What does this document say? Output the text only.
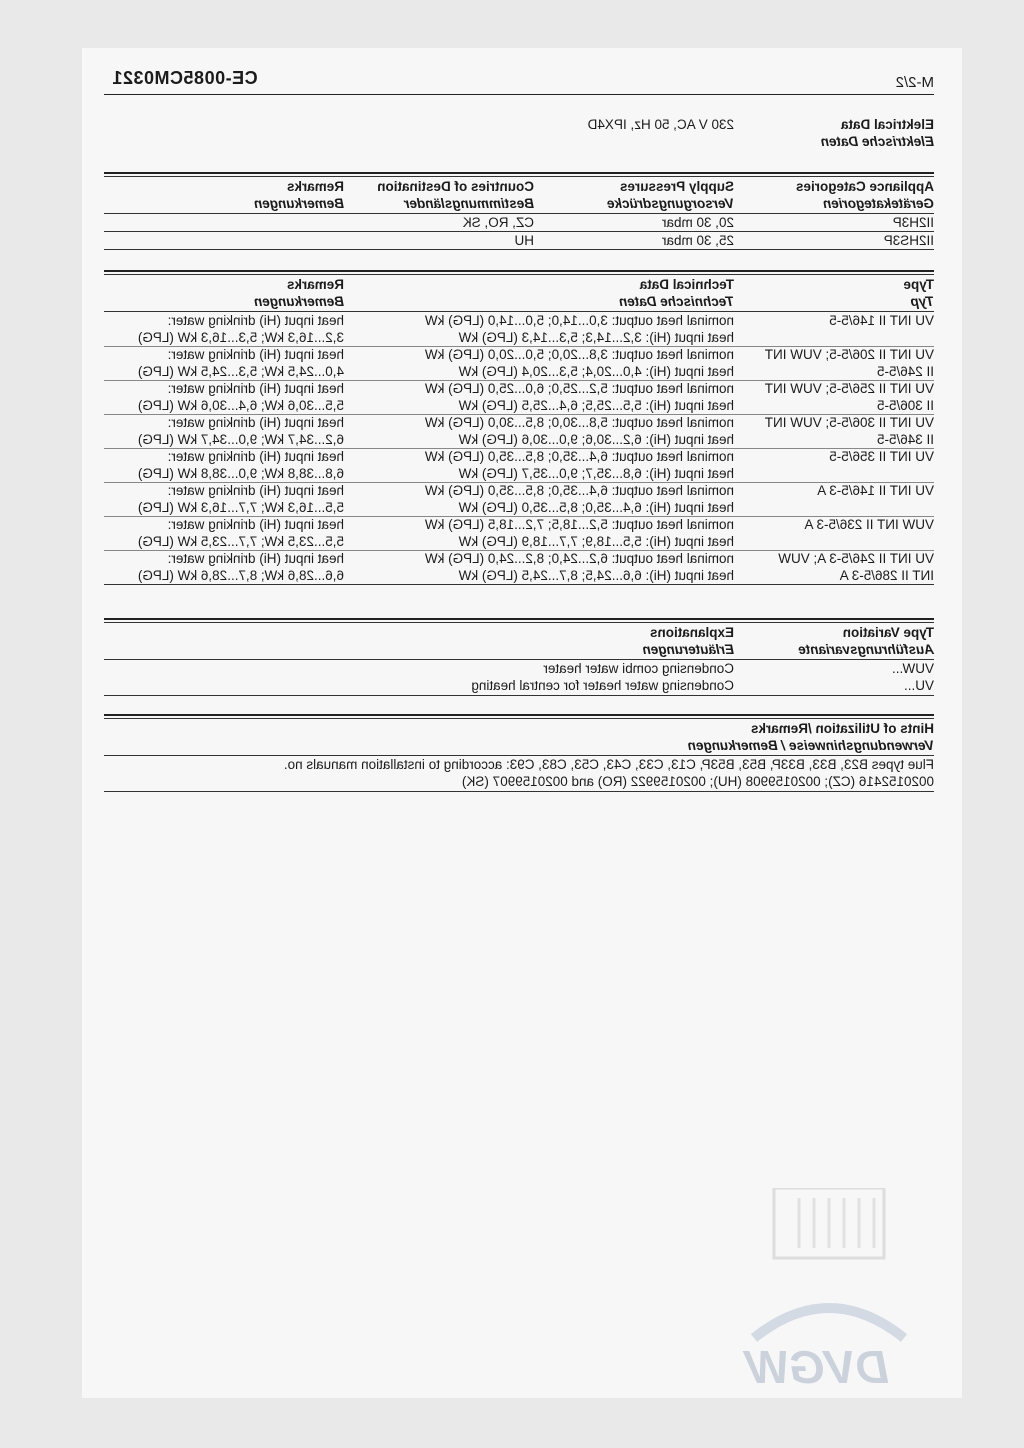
M-2/2
CE-0085CM0321
Elektrical Data
Elektrische Daten
230 V AC, 50 Hz, IPX4D
Appliance Categories
Gerätekategorien
Supply Pressures
Versorgungsdrücke
Countries of Destination
Bestimmungsländer
Remarks
Bemerkungen
II2H3P
20, 30 mbar
CZ, RO, SK
II2HS3P
25, 30 mbar
HU
Type
Typ
Technical Data
Technische Daten
Remarks
Bemerkungen
VU INT II 146/5-5
nominal heat output: 3,0...14,0; 5,0...14,0 (LPG) kW
heat input (Hi): 3,2...14,3; 5,3...14,3 (LPG) kW
heat input (Hi) drinking water:
3,2...16,3 kW; 5,3...16,3 kW (LPG)
VU INT II 206/5-5; VUW INT
II 246/5-5
nominal heat output: 3,8...20,0; 5,0...20,0 (LPG) kW
heat input (Hi): 4,0...20,4; 5,3...20,4 (LPG) kW
heat input (Hi) drinking water:
4,0...24,5 kW; 5,3...24,5 kW (LPG)
VU INT II 256/5-5; VUW INT
II 306/5-5
nominal heat output: 5,2...25,0; 6,0...25,0 (LPG) kW
heat input (Hi): 5,5...25,5; 6,4...25,5 (LPG) kW
heat input (Hi) drinking water:
5,5...30,6 kW; 6,4...30,6 kW (LPG)
VU INT II 306/5-5; VUW INT
II 346/5-5
nominal heat output: 5,8...30,0; 8,5...30,0 (LPG) kW
heat input (Hi): 6,2...30,6; 9,0...30,6 (LPG) kW
heat input (Hi) drinking water:
6,2...34,7 kW; 9,0...34,7 kW (LPG)
VU INT II 356/5-5
nominal heat output: 6,4...35,0; 8,5...35,0 (LPG) kW
heat input (Hi): 6,8...35,7; 9,0...35,7 (LPG) kW
heat input (Hi) drinking water:
6,8...38,8 kW; 9,0...38,8 kW (LPG)
VU INT II 146/5-3 A
nominal heat output: 6,4...35,0; 8,5...35,0 (LPG) kW
heat input (Hi): 6,4...35,0; 8,5...35,0 (LPG) kW
heat input (Hi) drinking water:
5,5...16,3 kW; 7,7...16,3 kW (LPG)
VUW INT II 236/5-3 A
nominal heat output: 5,2...18,5; 7,2...18,5 (LPG) kW
heat input (Hi): 5,5...18,9; 7,7...18,9 (LPG) kW
heat input (Hi) drinking water:
5,5...23,5 kW; 7,7...23,5 kW (LPG)
VU INT II 246/5-3 A; VUW
INT II 286/5-3 A
nominal heat output: 6,2...24,0; 8,2...24,0 (LPG) kW
heat input (Hi): 6,6...24,5; 8,7...24,5 (LPG) kW
heat input (Hi) drinking water:
6,6...28,6 kW; 8,7...28,6 kW (LPG)
Type Variation
Ausführungsvariante
Explanations
Erläuterungen
VUW...
Condensing combi water heater
VU...
Condensing water heater for central heating
Hints of Utilization /Remarks
Verwendungshinweise / Bemerkungen
Flue types B23, B33, B33P, B53, B53P, C13, C33, C43, C53, C83, C93: according to installation manuals no.
0020152416 (CZ); 0020159908 (HU); 0020159922 (RO) and 0020159907 (SK)
DVGW
